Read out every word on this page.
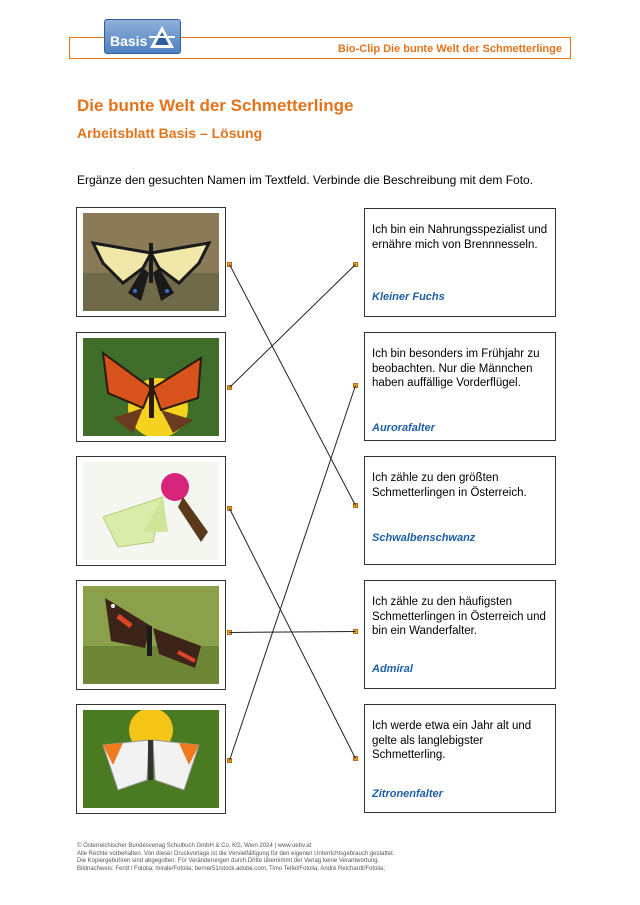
Basis	Bio-Clip Die bunte Welt der Schmetterlinge
Die bunte Welt der Schmetterlinge
Arbeitsblatt Basis – Lösung
Ergänze den gesuchten Namen im Textfeld. Verbinde die Beschreibung mit dem Foto.
Ich bin ein Nahrungsspezialist und ernähre mich von Brennnesseln.
Kleiner Fuchs
Ich bin besonders im Frühjahr zu beobachten. Nur die Männchen haben auffällige Vorderflügel.
Aurorafalter
Ich zähle zu den größten Schmetterlingen in Österreich.
Schwalbenschwanz
Ich zähle zu den häufigsten Schmetterlingen in Österreich und bin ein Wanderfalter.
Admiral
Ich werde etwa ein Jahr alt und gelte als langlebigster Schmetterling.
Zitronenfalter
© Österreichischer Bundesverlag Schulbuch GmbH & Co. KG, Wien 2024 | www.oebv.at
Alle Rechte vorbehalten. Von dieser Druckvorlage ist die Vervielfältigung für den eigenen Unterrichtsgebrauch gestattet.
Die Kopiergebühren sind abgegolten. Für Veränderungen durch Dritte übernimmt der Verlag keine Verantwortung.
Bildnachweis: Ferdl / Fotolia; mirale/Fotolia; berner51/stock.adobe.com; Timo Teifel/Fotolia; André Reichardt/Fotolia;
